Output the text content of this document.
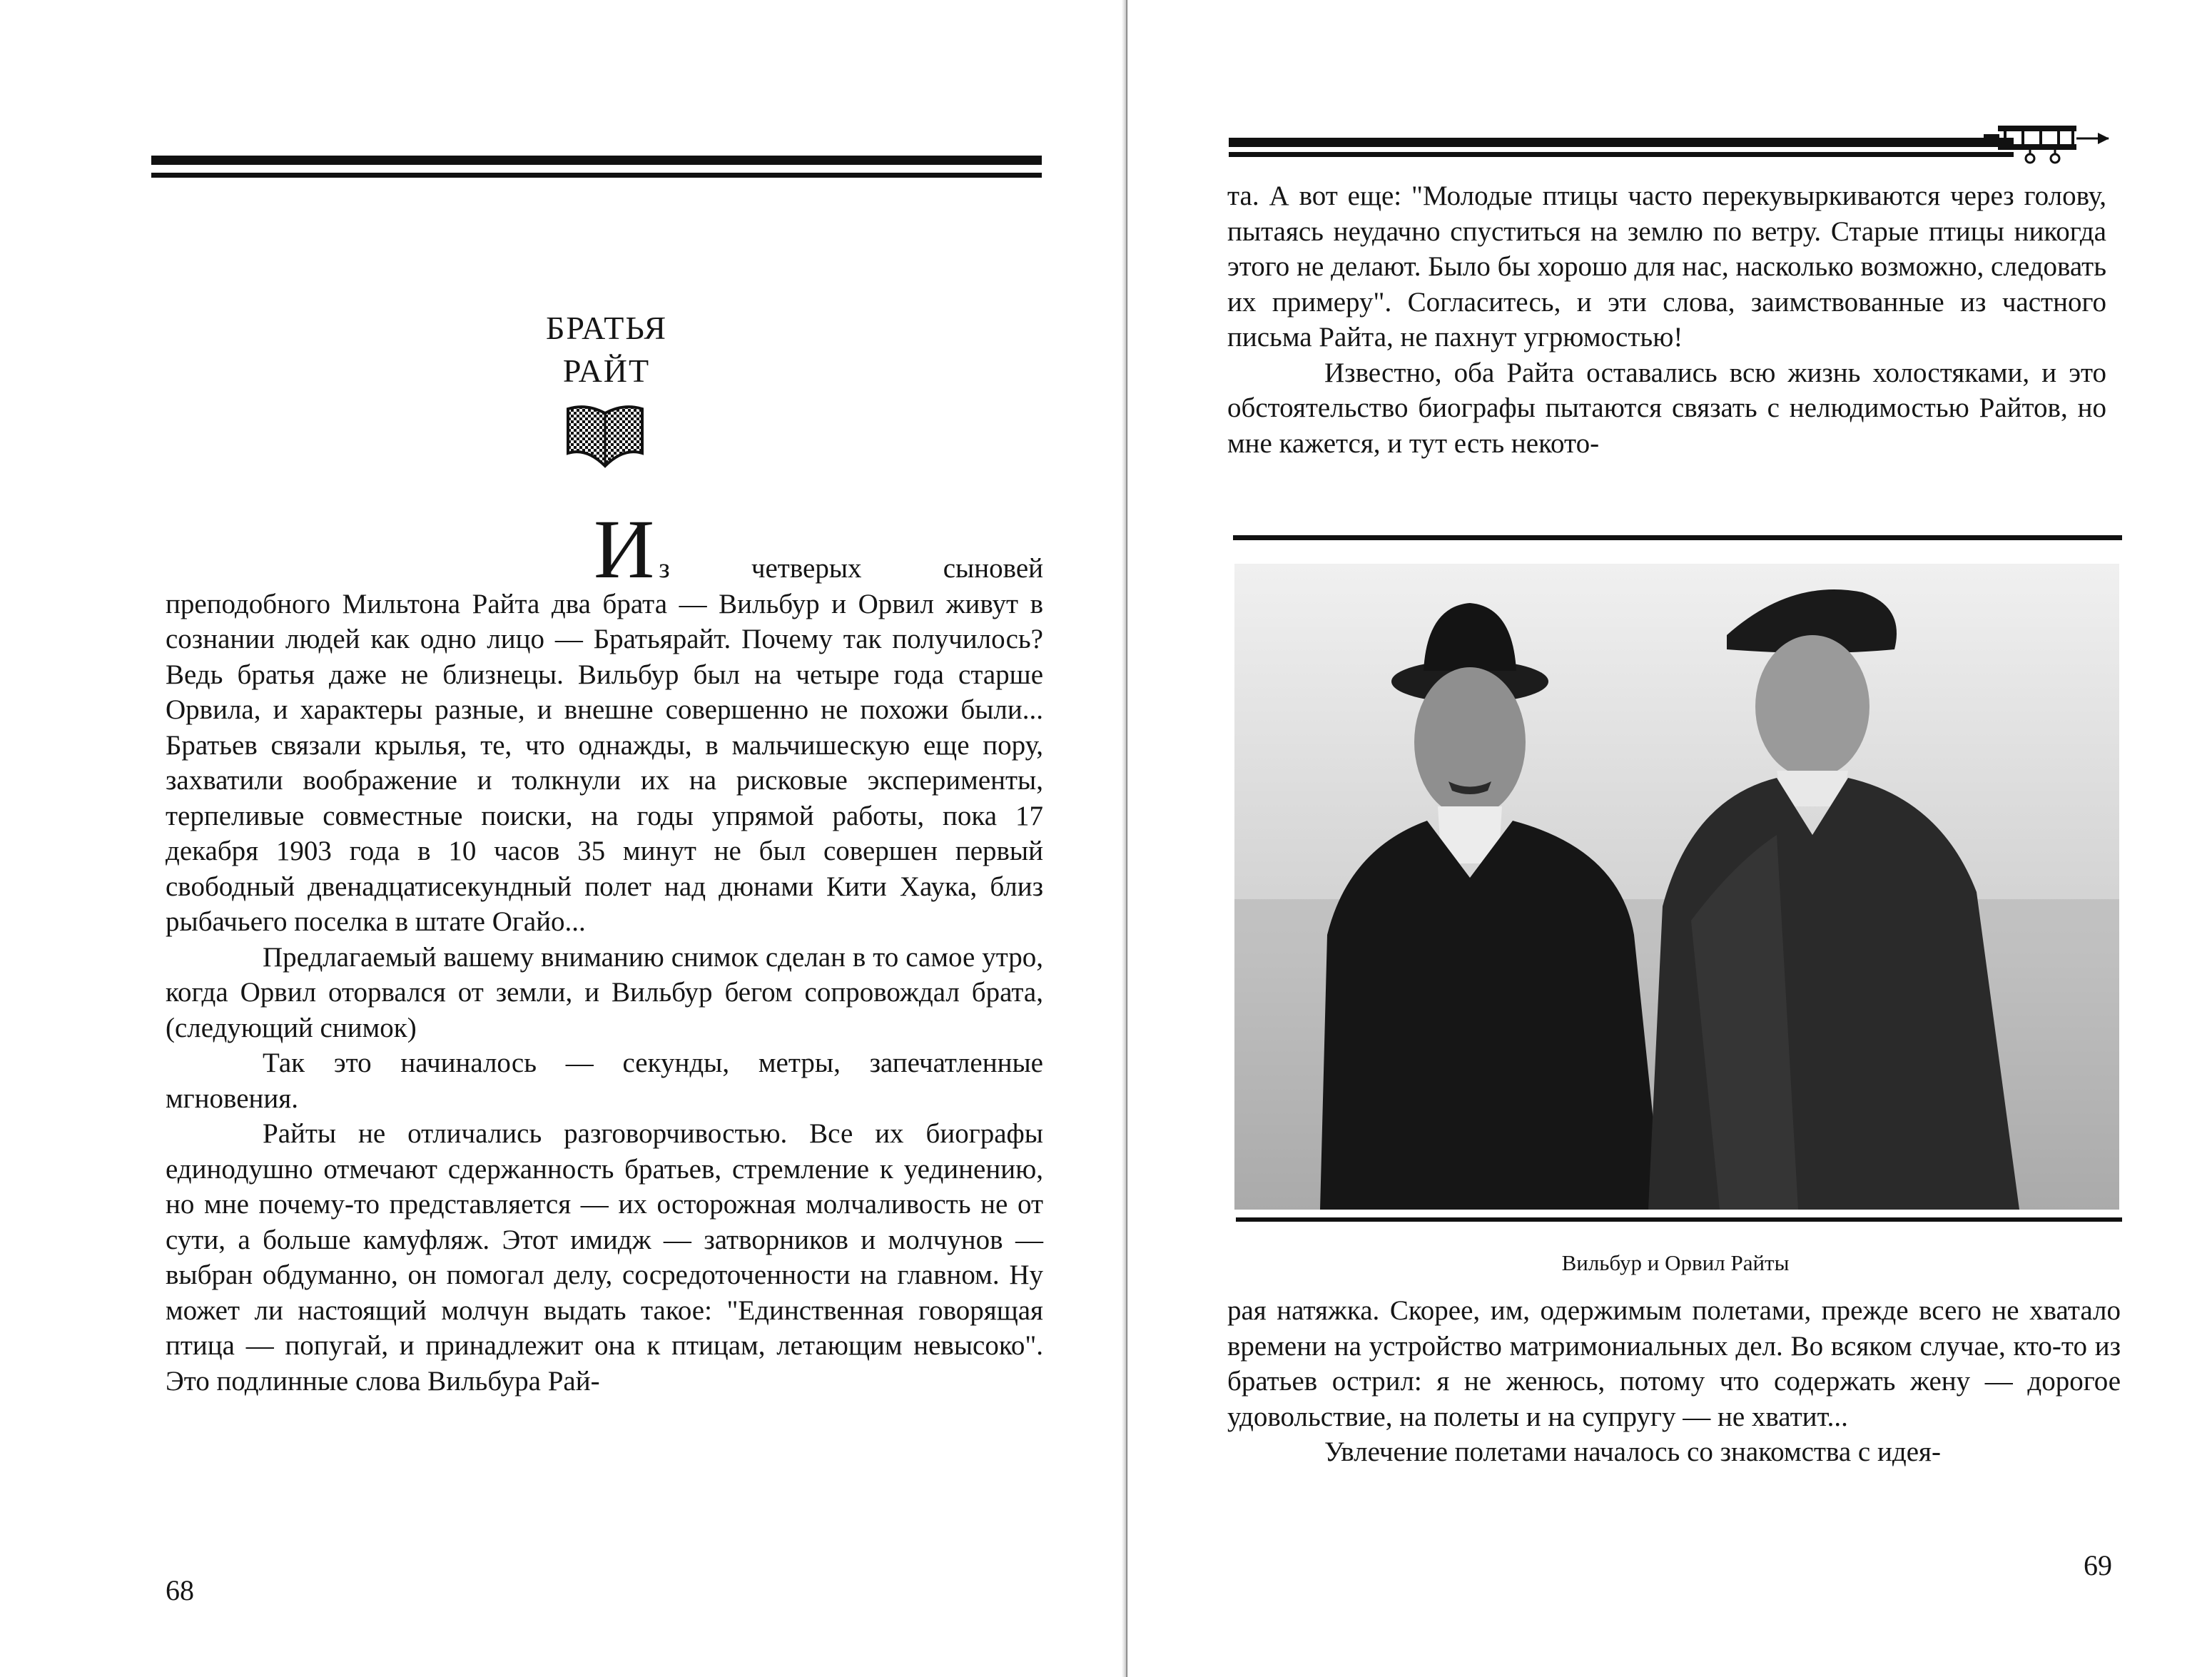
БРАТЬЯ
РАЙТ

И з четверых сыновей преподобного Мильтона Райта два брата — Вильбур и Орвил живут в сознании людей как одно лицо — Братьярайт. Почему так получилось? Ведь братья даже не близнецы. Вильбур был на четыре года старше Орвила, и характеры разные, и внешне совершенно не похожи были... Братьев связали крылья, те, что однажды, в мальчишескую еще пору, захватили воображение и толкнули их на рисковые эксперименты, терпеливые совместные поиски, на годы упрямой работы, пока 17 декабря 1903 года в 10 часов 35 минут не был совершен первый свободный двенадцатисекундный полет над дюнами Кити Хаука, близ рыбачьего поселка в штате Огайо...

Предлагаемый вашему вниманию снимок сделан в то самое утро, когда Орвил оторвался от земли, и Вильбур бегом сопровождал брата, (следующий снимок)

Так это начиналось — секунды, метры, запечатленные мгновения.

Райты не отличались разговорчивостью. Все их биографы единодушно отмечают сдержанность братьев, стремление к уединению, но мне почему-то представляется — их осторожная молчаливость не от сути, а больше камуфляж. Этот имидж — затворников и молчунов — выбран обдуманно, он помогал делу, сосредоточенности на главном. Ну может ли настоящий молчун выдать такое: "Единственная говорящая птица — попугай, и принадлежит она к птицам, летающим невысоко". Это подлинные слова Вильбура Рай-

68

та. А вот еще: "Молодые птицы часто перекувыркиваются через голову, пытаясь неудачно спуститься на землю по ветру. Старые птицы никогда этого не делают. Было бы хорошо для нас, насколько возможно, следовать их примеру". Согласитесь, и эти слова, заимствованные из частного письма Райта, не пахнут угрюмостью!

Известно, оба Райта оставались всю жизнь холостяками, и это обстоятельство биографы пытаются связать с нелюдимостью Райтов, но мне кажется, и тут есть некото-

Вильбур и Орвил Райты

рая натяжка. Скорее, им, одержимым полетами, прежде всего не хватало времени на устройство матримониальных дел. Во всяком случае, кто-то из братьев острил: я не женюсь, потому что содержать жену — дорогое удовольствие, на полеты и на супругу — не хватит...

Увлечение полетами началось со знакомства с идея-

69
